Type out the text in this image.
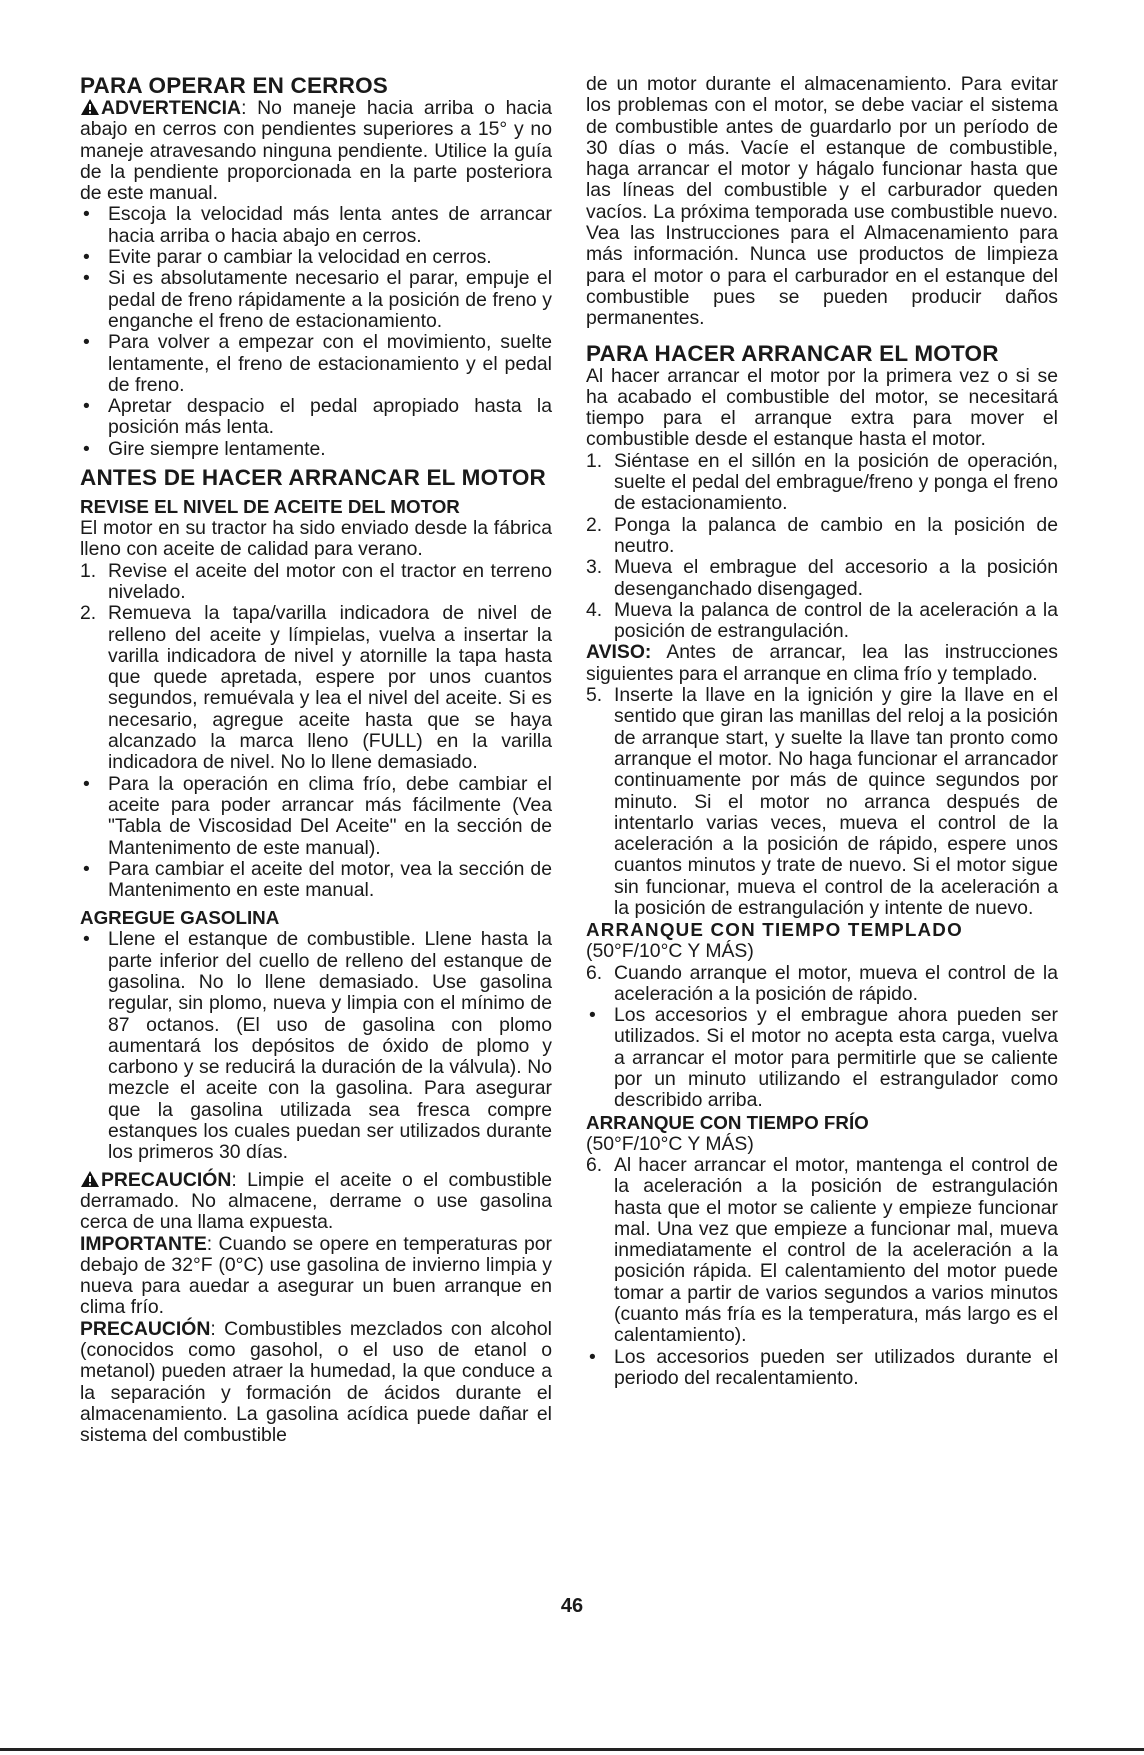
PARA OPERAR EN CERROS

ADVERTENCIA: No maneje hacia arriba o hacia abajo en cerros con pendientes superiores a 15° y no maneje atravesando ninguna pendiente. Utilice la guía de la pendiente proporcionada en la parte posteriora de este manual.

• Escoja la velocidad más lenta antes de arrancar hacia arriba o hacia abajo en cerros.
• Evite parar o cambiar la velocidad en cerros.
• Si es absolutamente necesario el parar, empuje el pedal de freno rápidamente a la posición de freno y enganche el freno de estacionamiento.
• Para volver a empezar con el movimiento, suelte lentamente, el freno de estacionamiento y el pedal de freno.
• Apretar despacio el pedal apropiado hasta la posición más lenta.
• Gire siempre lentamente.
ANTES DE HACER ARRANCAR EL MOTOR
REVISE EL NIVEL DE ACEITE DEL MOTOR

El motor en su tractor ha sido enviado desde la fábrica lleno con aceite de calidad para verano.

1. Revise el aceite del motor con el tractor en terreno nivelado.
2. Remueva la tapa/varilla indicadora de nivel de relleno del aceite y límpielas, vuelva a insertar la varilla indicadora de nivel y atornille la tapa hasta que quede apretada, espere por unos cuantos segundos, remuévala y lea el nivel del aceite. Si es necesario, agregue aceite hasta que se haya alcanzado la marca lleno (FULL) en la varilla indicadora de nivel. No lo llene demasiado.
• Para la operación en clima frío, debe cambiar el aceite para poder arrancar más fácilmente (Vea "Tabla de Viscosidad Del Aceite" en la sección de Mantenimento de este manual).
• Para cambiar el aceite del motor, vea la sección de Mantenimento en este manual.
AGREGUE GASOLINA
• Llene el estanque de combustible. Llene hasta la parte inferior del cuello de relleno del estanque de gasolina. No lo llene demasiado. Use gasolina regular, sin plomo, nueva y limpia con el mínimo de 87 octanos. (El uso de gasolina con plomo aumentará los depósitos de óxido de plomo y carbono y se reducirá la duración de la válvula). No mezcle el aceite con la gasolina. Para asegurar que la gasolina utilizada sea fresca compre estanques los cuales puedan ser utilizados durante los primeros 30 días.

PRECAUCIÓN: Limpie el aceite o el combustible derramado. No almacene, derrame o use gasolina cerca de una llama expuesta.

IMPORTANTE: Cuando se opere en temperaturas por debajo de 32°F (0°C) use gasolina de invierno limpia y nueva para auedar a asegurar un buen arranque en clima frío.

PRECAUCIÓN: Combustibles mezclados con alcohol (conocidos como gasohol, o el uso de etanol o metanol) pueden atraer la humedad, la que conduce a la separación y formación de ácidos durante el almacenamiento. La gasolina acídica puede dañar el sistema del combustible

de un motor durante el almacenamiento. Para evitar los problemas con el motor, se debe vaciar el sistema de combustible antes de guardarlo por un período de 30 días o más. Vacíe el estanque de combustible, haga arrancar el motor y hágalo funcionar hasta que las líneas del combustible y el carburador queden vacíos. La próxima temporada use combustible nuevo. Vea las Instrucciones para el Almacenamiento para más información. Nunca use productos de limpieza para el motor o para el carburador en el estanque del combustible pues se pueden producir daños permanentes.

PARA HACER ARRANCAR EL MOTOR

Al hacer arrancar el motor por la primera vez o si se ha acabado el combustible del motor, se necesitará tiempo para el arranque extra para mover el combustible desde el estanque hasta el motor.

1. Siéntase en el sillón en la posición de operación, suelte el pedal del embrague/freno y ponga el freno de estacionamiento.
2. Ponga la palanca de cambio en la posición de neutro.
3. Mueva el embrague del accesorio a la posición desenganchado disengaged.
4. Mueva la palanca de control de la aceleración a la posición de estrangulación.

AVISO: Antes de arrancar, lea las instrucciones siguientes para el arranque en clima frío y templado.

5. Inserte la llave en la ignición y gire la llave en el sentido que giran las manillas del reloj a la posición de arranque start, y suelte la llave tan pronto como arranque el motor. No haga funcionar el arrancador continuamente por más de quince segundos por minuto. Si el motor no arranca después de intentarlo varias veces, mueva el control de la aceleración a la posición de rápido, espere unos cuantos minutos y trate de nuevo. Si el motor sigue sin funcionar, mueva el control de la aceleración a la posición de estrangulación y intente de nuevo.
ARRANQUE CON TIEMPO TEMPLADO

(50°F/10°C Y MÁS)

6. Cuando arranque el motor, mueva el control de la aceleración a la posición de rápido.
• Los accesorios y el embrague ahora pueden ser utilizados. Si el motor no acepta esta carga, vuelva a arrancar el motor para permitirle que se caliente por un minuto utilizando el estrangulador como describido arriba.
ARRANQUE CON TIEMPO FRÍO

(50°F/10°C Y MÁS)

6. Al hacer arrancar el motor, mantenga el control de la aceleración a la posición de estrangulación hasta que el motor se caliente y empieze funcionar mal. Una vez que empieze a funcionar mal, mueva inmediatamente el control de la aceleración a la posición rápida. El calentamiento del motor puede tomar a partir de varios segundos a varios minutos (cuanto más fría es la temperatura, más largo es el calentamiento).
• Los accesorios pueden ser utilizados durante el periodo del recalentamiento.
46
